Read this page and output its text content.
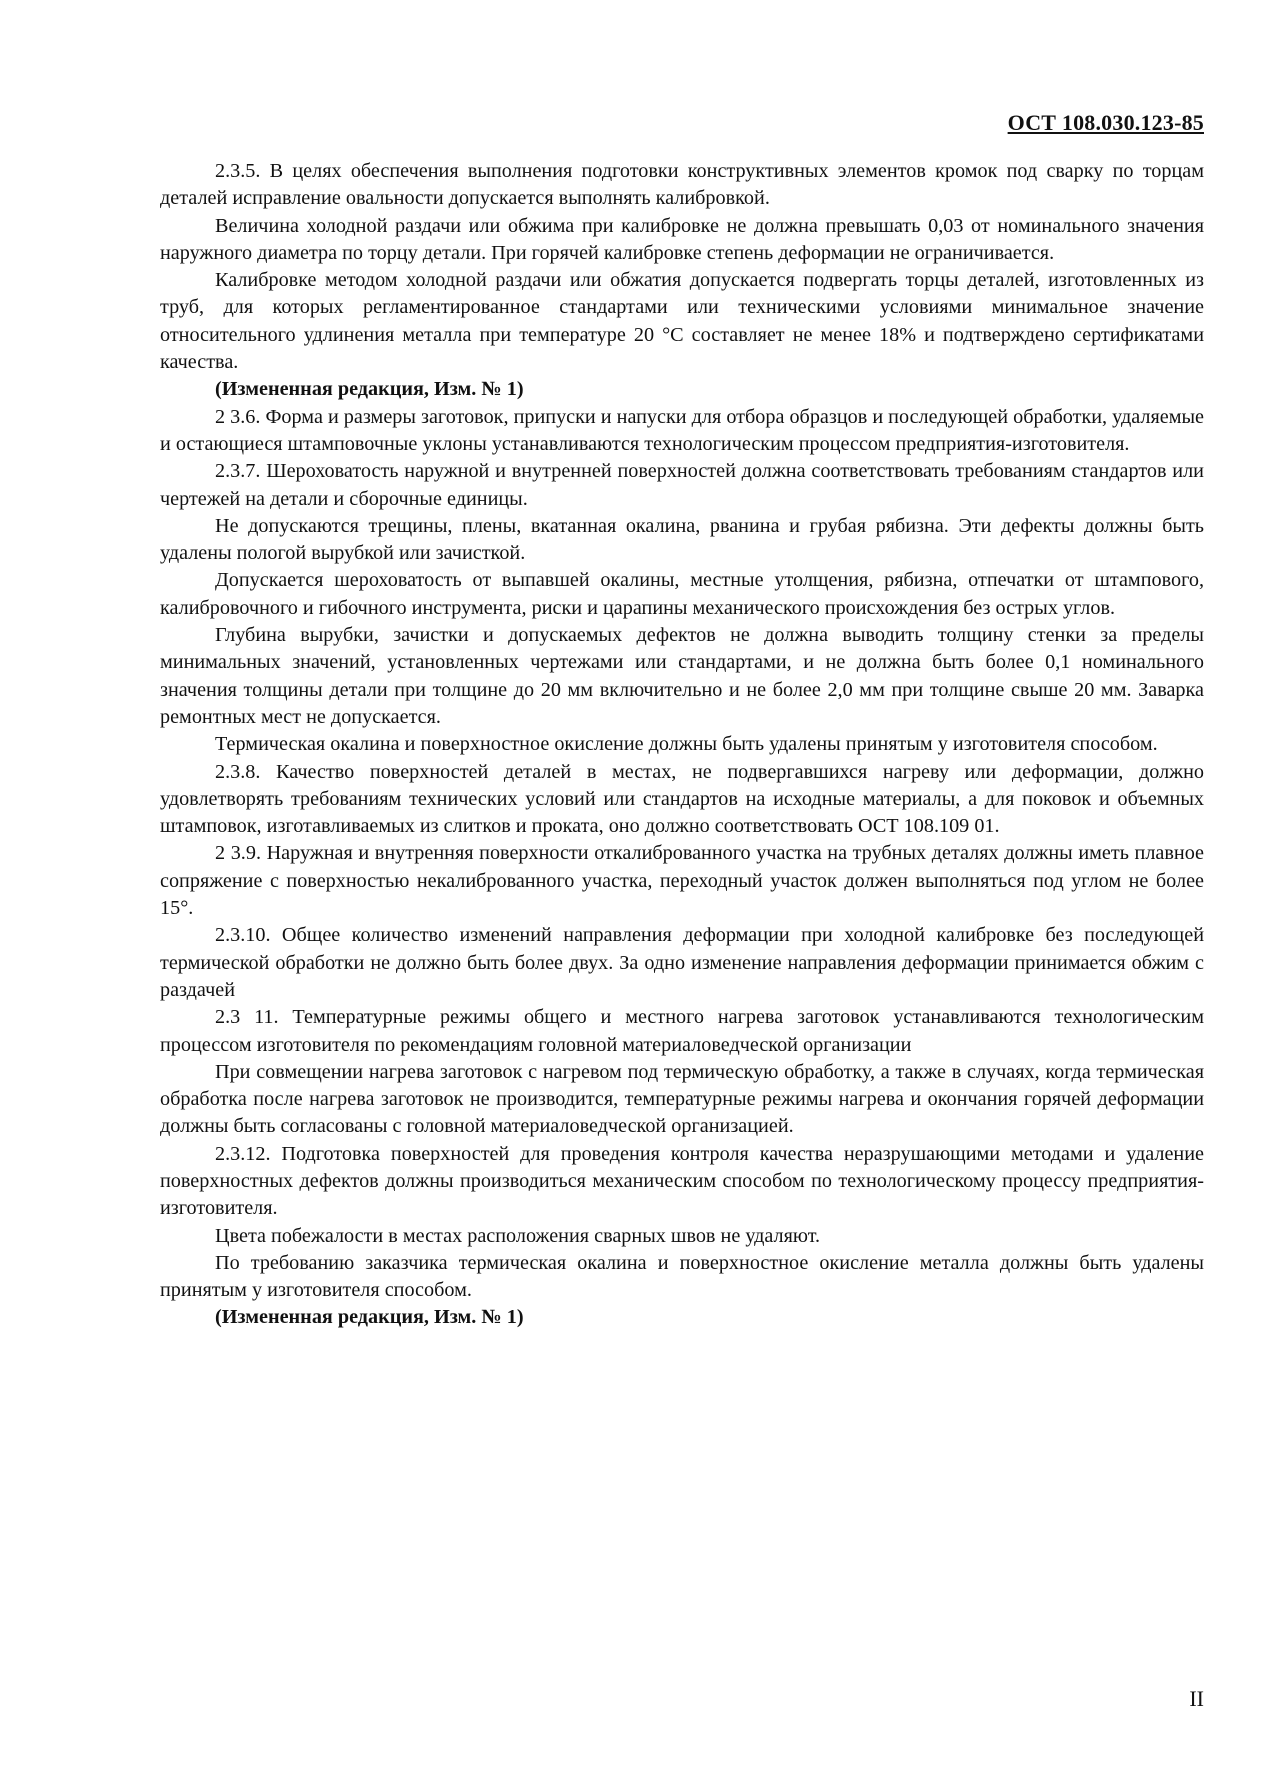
ОСТ 108.030.123-85

2.3.5. В целях обеспечения выполнения подготовки конструктивных элементов кромок под сварку по торцам деталей исправление овальности допускается выполнять калибровкой.

Величина холодной раздачи или обжима при калибровке не должна превышать 0,03 от номинального значения наружного диаметра по торцу детали. При горячей калибровке степень деформации не ограничивается.

Калибровке методом холодной раздачи или обжатия допускается подвергать торцы деталей, изготовленных из труб, для которых регламентированное стандартами или техническими условиями минимальное значение относительного удлинения металла при температуре 20 °С составляет не менее 18% и подтверждено сертификатами качества.

(Измененная редакция, Изм. № 1)

2 3.6. Форма и размеры заготовок, припуски и напуски для отбора образцов и последующей обработки, удаляемые и остающиеся штамповочные уклоны устанавливаются технологическим процессом предприятия-изготовителя.

2.3.7. Шероховатость наружной и внутренней поверхностей должна соответствовать требованиям стандартов или чертежей на детали и сборочные единицы.

Не допускаются трещины, плены, вкатанная окалина, рванина и грубая рябизна. Эти дефекты должны быть удалены пологой вырубкой или зачисткой.

Допускается шероховатость от выпавшей окалины, местные утолщения, рябизна, отпечатки от штампового, калибровочного и гибочного инструмента, риски и царапины механического происхождения без острых углов.

Глубина вырубки, зачистки и допускаемых дефектов не должна выводить толщину стенки за пределы минимальных значений, установленных чертежами или стандартами, и не должна быть более 0,1 номинального значения толщины детали при толщине до 20 мм включительно и не более 2,0 мм при толщине свыше 20 мм. Заварка ремонтных мест не допускается.

Термическая окалина и поверхностное окисление должны быть удалены принятым у изготовителя способом.

2.3.8. Качество поверхностей деталей в местах, не подвергавшихся нагреву или деформации, должно удовлетворять требованиям технических условий или стандартов на исходные материалы, а для поковок и объемных штамповок, изготавливаемых из слитков и проката, оно должно соответствовать ОСТ 108.109 01.

2 3.9. Наружная и внутренняя поверхности откалиброванного участка на трубных деталях должны иметь плавное сопряжение с поверхностью некалиброванного участка, переходный участок должен выполняться под углом не более 15°.

2.3.10. Общее количество изменений направления деформации при холодной калибровке без последующей термической обработки не должно быть более двух. За одно изменение направления деформации принимается обжим с раздачей

2.3 11. Температурные режимы общего и местного нагрева заготовок устанавливаются технологическим процессом изготовителя по рекомендациям головной материаловедческой организации

При совмещении нагрева заготовок с нагревом под термическую обработку, а также в случаях, когда термическая обработка после нагрева заготовок не производится, температурные режимы нагрева и окончания горячей деформации должны быть согласованы с головной материаловедческой организацией.

2.3.12. Подготовка поверхностей для проведения контроля качества неразрушающими методами и удаление поверхностных дефектов должны производиться механическим способом по технологическому процессу предприятия-изготовителя.

Цвета побежалости в местах расположения сварных швов не удаляют.

По требованию заказчика термическая окалина и поверхностное окисление металла должны быть удалены принятым у изготовителя способом.

(Измененная редакция, Изм. № 1)

II
